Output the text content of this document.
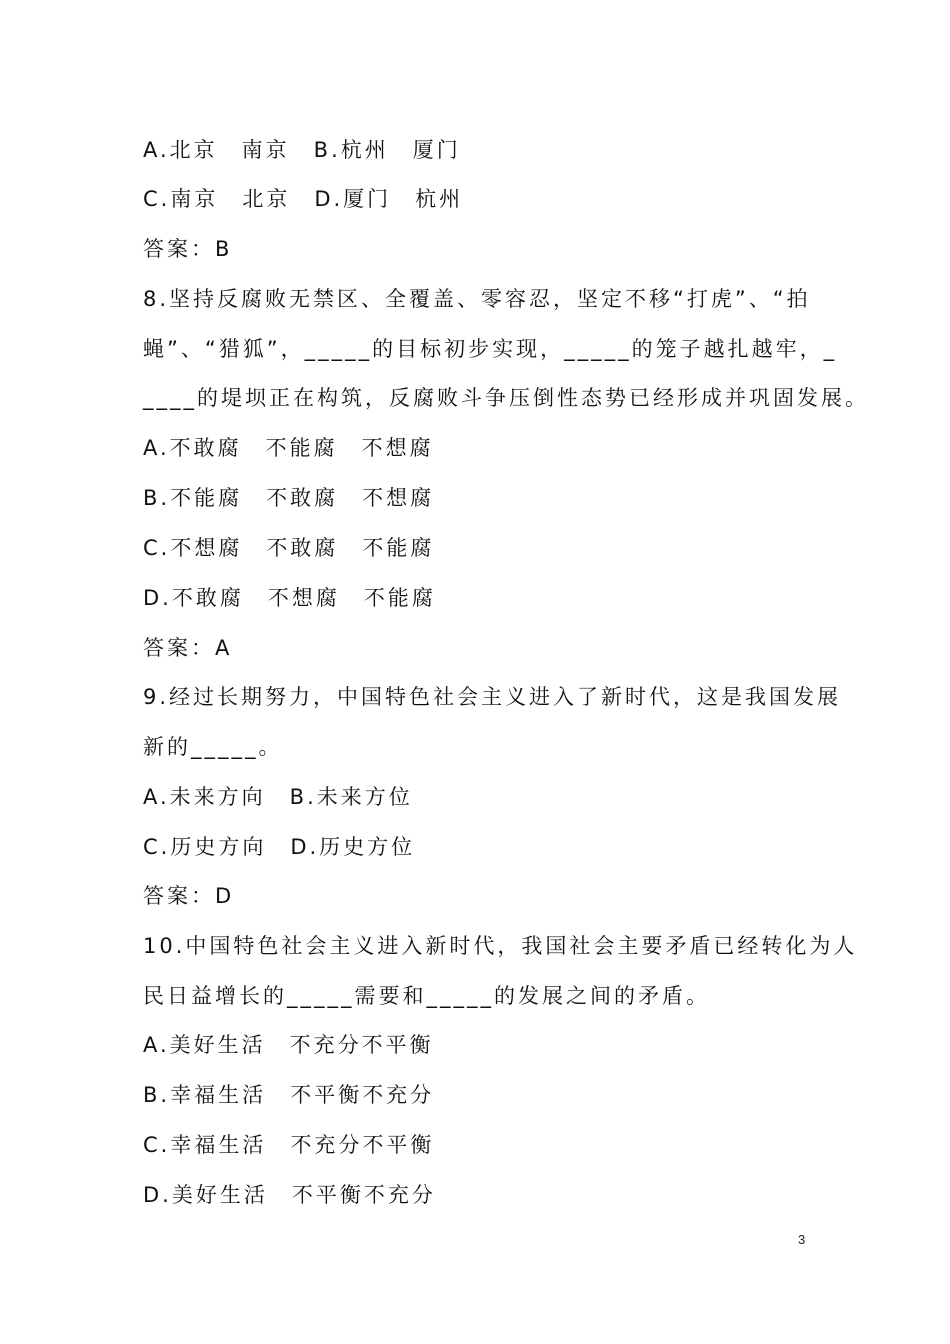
A.北京　南京　B.杭州　厦门
C.南京　北京　D.厦门　杭州
答案：B
8.坚持反腐败无禁区、全覆盖、零容忍，坚定不移“打虎”、“拍
蝇”、“猎狐”，_____的目标初步实现，_____的笼子越扎越牢，_
____的堤坝正在构筑，反腐败斗争压倒性态势已经形成并巩固发展。
A.不敢腐　不能腐　不想腐
B.不能腐　不敢腐　不想腐
C.不想腐　不敢腐　不能腐
D.不敢腐　不想腐　不能腐
答案：A
9.经过长期努力，中国特色社会主义进入了新时代，这是我国发展
新的_____。
A.未来方向　B.未来方位
C.历史方向　D.历史方位
答案：D
10.中国特色社会主义进入新时代，我国社会主要矛盾已经转化为人
民日益增长的_____需要和_____的发展之间的矛盾。
A.美好生活　不充分不平衡
B.幸福生活　不平衡不充分
C.幸福生活　不充分不平衡
D.美好生活　不平衡不充分
3
